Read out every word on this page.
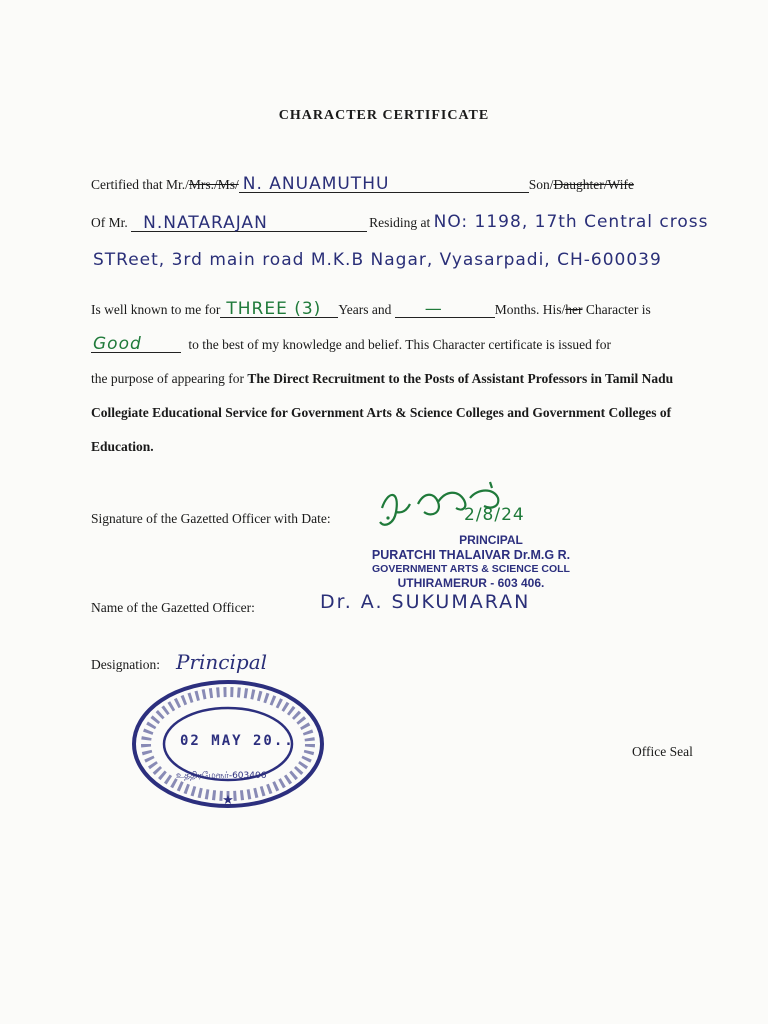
CHARACTER CERTIFICATE
Certified that Mr./Mrs./Ms/ N. ANUAMUTHU	Son/Daughter/Wife
Of Mr. N.NATARAJAN	Residing at NO: 1198, 17th Central cross
STReet, 3rd main road M.K.B Nagar, Vyasarpadi, CH-600039
Is well known to me for THREE (3) Years and —	Months. His/her Character is
Good	to the best of my knowledge and belief. This Character certificate is issued for
the purpose of appearing for The Direct Recruitment to the Posts of Assistant Professors in Tamil Nadu Collegiate Educational Service for Government Arts & Science Colleges and Government Colleges of Education.
Signature of the Gazetted Officer with Date:	2/8/24
PRINCIPAL
PURATCHI THALAIVAR Dr.M.G R.
GOVERNMENT ARTS & SCIENCE COLL
UTHIRAMERUR - 603 406.
Name of the Gazetted Officer:	Dr. A. SUKUMARAN
Designation: Principal
★
02 MAY 20..
உத்திரமேரூர்-603406
Office Seal
